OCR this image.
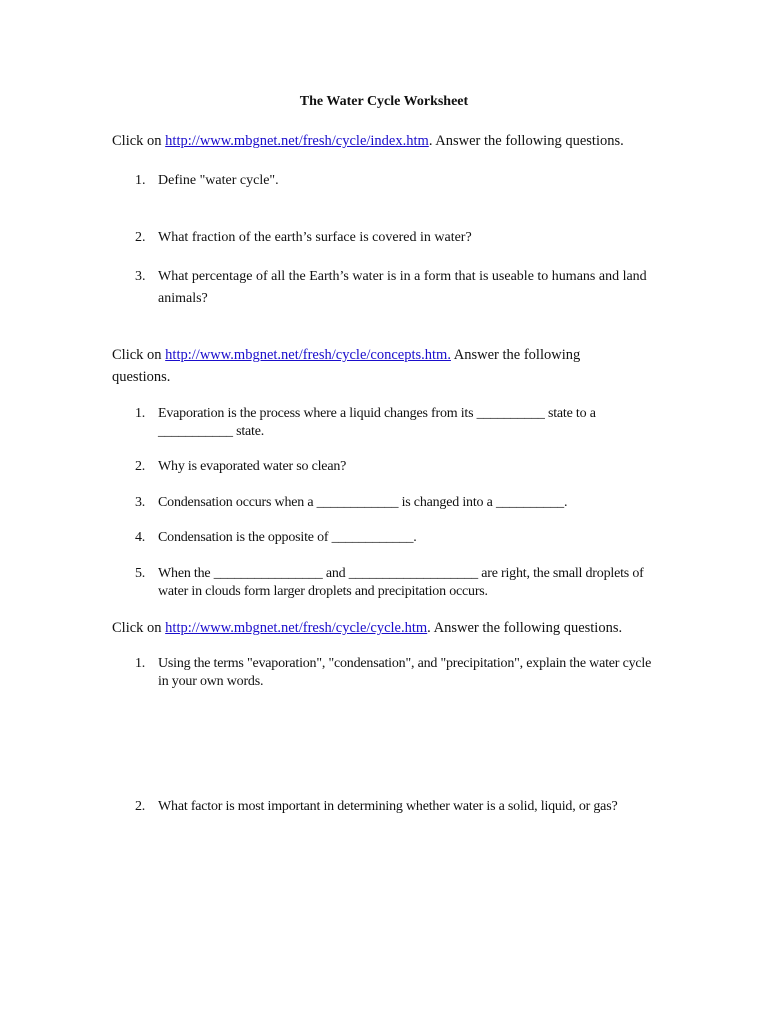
The Water Cycle Worksheet
Click on http://www.mbgnet.net/fresh/cycle/index.htm. Answer the following questions.
1. Define "water cycle".
2. What fraction of the earth’s surface is covered in water?
3. What percentage of all the Earth’s water is in a form that is useable to humans and land animals?
Click on http://www.mbgnet.net/fresh/cycle/concepts.htm. Answer the following questions.
1. Evaporation is the process where a liquid changes from its __________ state to a ___________ state.
2. Why is evaporated water so clean?
3. Condensation occurs when a ____________ is changed into a __________.
4. Condensation is the opposite of ____________.
5. When the ________________ and ___________________ are right, the small droplets of water in clouds form larger droplets and precipitation occurs.
Click on http://www.mbgnet.net/fresh/cycle/cycle.htm. Answer the following questions.
1. Using the terms "evaporation", "condensation", and "precipitation", explain the water cycle in your own words.
2. What factor is most important in determining whether water is a solid, liquid, or gas?
